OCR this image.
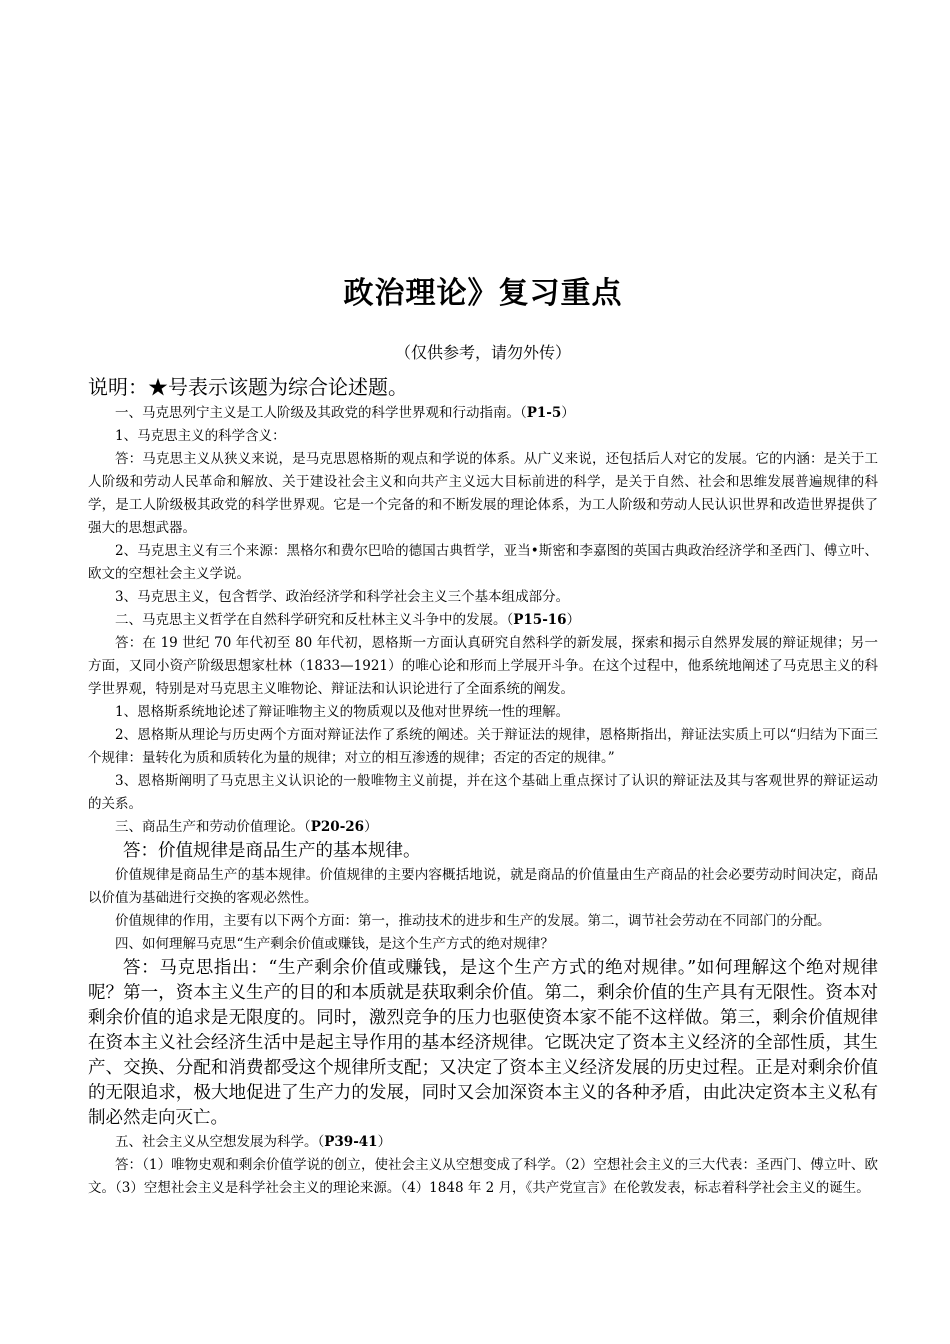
政治理论》复习重点
（仅供参考，请勿外传）
说明：★号表示该题为综合论述题。

一、马克思列宁主义是工人阶级及其政党的科学世界观和行动指南。（P1-5）

1、马克思主义的科学含义：

答：马克思主义从狭义来说，是马克思恩格斯的观点和学说的体系。从广义来说，还包括后人对它的发展。它的内涵：是关于工人阶级和劳动人民革命和解放、关于建设社会主义和向共产主义远大目标前进的科学，是关于自然、社会和思维发展普遍规律的科学，是工人阶级极其政党的科学世界观。它是一个完备的和不断发展的理论体系，为工人阶级和劳动人民认识世界和改造世界提供了强大的思想武器。

2、马克思主义有三个来源：黑格尔和费尔巴哈的德国古典哲学，亚当•斯密和李嘉图的英国古典政治经济学和圣西门、傅立叶、欧文的空想社会主义学说。

3、马克思主义，包含哲学、政治经济学和科学社会主义三个基本组成部分。

二、马克思主义哲学在自然科学研究和反杜林主义斗争中的发展。（P15-16）

答：在 19 世纪 70 年代初至 80 年代初，恩格斯一方面认真研究自然科学的新发展，探索和揭示自然界发展的辩证规律；另一方面，又同小资产阶级思想家杜林（1833—1921）的唯心论和形而上学展开斗争。在这个过程中，他系统地阐述了马克思主义的科学世界观，特别是对马克思主义唯物论、辩证法和认识论进行了全面系统的阐发。

1、恩格斯系统地论述了辩证唯物主义的物质观以及他对世界统一性的理解。

2、恩格斯从理论与历史两个方面对辩证法作了系统的阐述。关于辩证法的规律，恩格斯指出，辩证法实质上可以“归结为下面三个规律：量转化为质和质转化为量的规律；对立的相互渗透的规律；否定的否定的规律。”

3、恩格斯阐明了马克思主义认识论的一般唯物主义前提，并在这个基础上重点探讨了认识的辩证法及其与客观世界的辩证运动的关系。

三、商品生产和劳动价值理论。（P20-26）

答：价值规律是商品生产的基本规律。

价值规律是商品生产的基本规律。价值规律的主要内容概括地说，就是商品的价值量由生产商品的社会必要劳动时间决定，商品以价值为基础进行交换的客观必然性。

价值规律的作用，主要有以下两个方面：第一，推动技术的进步和生产的发展。第二，调节社会劳动在不同部门的分配。

四、如何理解马克思“生产剩余价值或赚钱，是这个生产方式的绝对规律？

答：马克思指出：“生产剩余价值或赚钱，是这个生产方式的绝对规律。”如何理解这个绝对规律呢？第一，资本主义生产的目的和本质就是获取剩余价值。第二，剩余价值的生产具有无限性。资本对剩余价值的追求是无限度的。同时，激烈竞争的压力也驱使资本家不能不这样做。第三，剩余价值规律在资本主义社会经济生活中是起主导作用的基本经济规律。它既决定了资本主义经济的全部性质，其生产、交换、分配和消费都受这个规律所支配；又决定了资本主义经济发展的历史过程。正是对剩余价值的无限追求，极大地促进了生产力的发展，同时又会加深资本主义的各种矛盾，由此决定资本主义私有制必然走向灭亡。

五、社会主义从空想发展为科学。（P39-41）

答：（1）唯物史观和剩余价值学说的创立，使社会主义从空想变成了科学。（2）空想社会主义的三大代表：圣西门、傅立叶、欧文。（3）空想社会主义是科学社会主义的理论来源。（4）1848 年 2 月，《共产党宣言》在伦敦发表，标志着科学社会主义的诞生。
